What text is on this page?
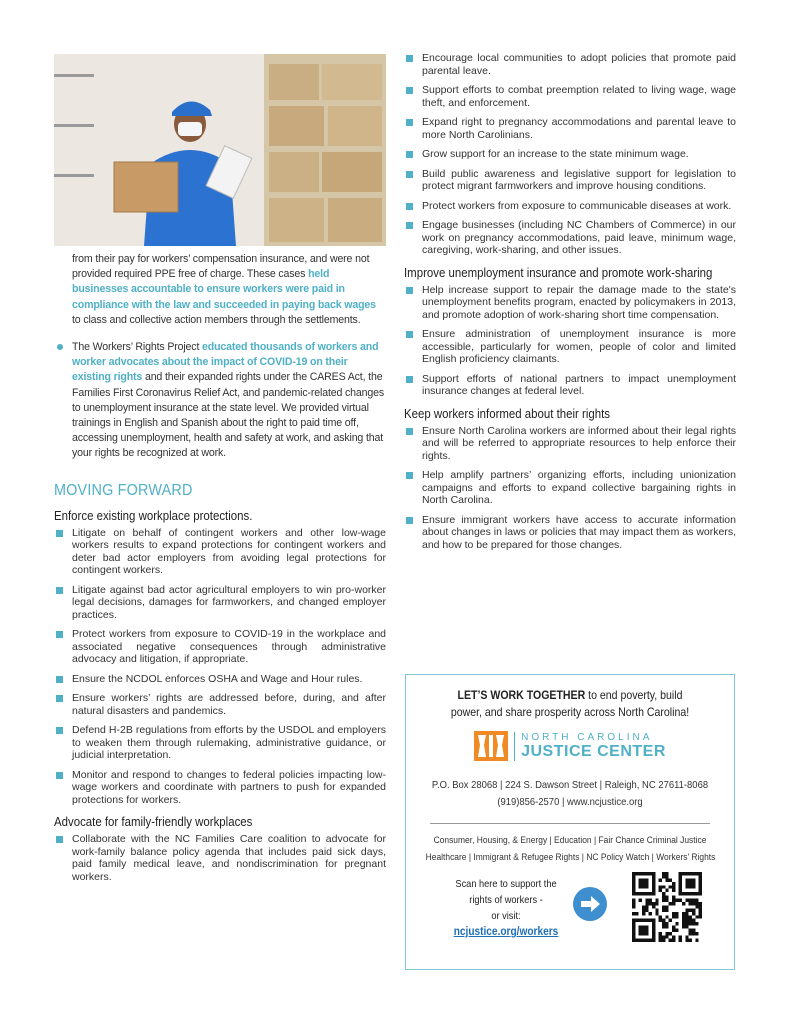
from their pay for workers’ compensation insurance, and were not provided required PPE free of charge. These cases held businesses accountable to ensure workers were paid in compliance with the law and succeeded in paying back wages to class and collective action members through the settlements.
The Workers’ Rights Project educated thousands of workers and worker advocates about the impact of COVID-19 on their existing rights and their expanded rights under the CARES Act, the Families First Coronavirus Relief Act, and pandemic-related changes to unemployment insurance at the state level. We provided virtual trainings in English and Spanish about the right to paid time off, accessing unemployment, health and safety at work, and asking that your rights be recognized at work.
MOVING FORWARD
Enforce existing workplace protections.
Litigate on behalf of contingent workers and other low-wage workers results to expand protections for contingent workers and deter bad actor employers from avoiding legal protections for contingent workers.
Litigate against bad actor agricultural employers to win pro-worker legal decisions, damages for farmworkers, and changed employer practices.
Protect workers from exposure to COVID-19 in the workplace and associated negative consequences through administrative advocacy and litigation, if appropriate.
Ensure the NCDOL enforces OSHA and Wage and Hour rules.
Ensure workers’ rights are addressed before, during, and after natural disasters and pandemics.
Defend H-2B regulations from efforts by the USDOL and employers to weaken them through rulemaking, administrative guidance, or judicial interpretation.
Monitor and respond to changes to federal policies impacting low-wage workers and coordinate with partners to push for expanded protections for workers.
Advocate for family-friendly workplaces
Collaborate with the NC Families Care coalition to advocate for work-family balance policy agenda that includes paid sick days, paid family medical leave, and nondiscrimination for pregnant workers.
Encourage local communities to adopt policies that promote paid parental leave.
Support efforts to combat preemption related to living wage, wage theft, and enforcement.
Expand right to pregnancy accommodations and parental leave to more North Carolinians.
Grow support for an increase to the state minimum wage.
Build public awareness and legislative support for legislation to protect migrant farmworkers and improve housing conditions.
Protect workers from exposure to communicable diseases at work.
Engage businesses (including NC Chambers of Commerce) in our work on pregnancy accommodations, paid leave, minimum wage, caregiving, work-sharing, and other issues.
Improve unemployment insurance and promote work-sharing
Help increase support to repair the damage made to the state's unemployment benefits program, enacted by policymakers in 2013, and promote adoption of work-sharing short time compensation.
Ensure administration of unemployment insurance is more accessible, particularly for women, people of color and limited English proficiency claimants.
Support efforts of national partners to impact unemployment insurance changes at federal level.
Keep workers informed about their rights
Ensure North Carolina workers are informed about their legal rights and will be referred to appropriate resources to help enforce their rights.
Help amplify partners’ organizing efforts, including unionization campaigns and efforts to expand collective bargaining rights in North Carolina.
Ensure immigrant workers have access to accurate information about changes in laws or policies that may impact them as workers, and how to be prepared for those changes.
LET’S WORK TOGETHER to end poverty, build power, and share prosperity across North Carolina!
NORTH CAROLINA
JUSTICE CENTER
P.O. Box 28068 | 224 S. Dawson Street | Raleigh, NC 27611-8068
(919)856-2570 | www.ncjustice.org
Consumer, Housing, & Energy | Education | Fair Chance Criminal Justice
Healthcare | Immigrant & Refugee Rights | NC Policy Watch | Workers’ Rights
Scan here to support the rights of workers -
or visit:
ncjustice.org/workers
